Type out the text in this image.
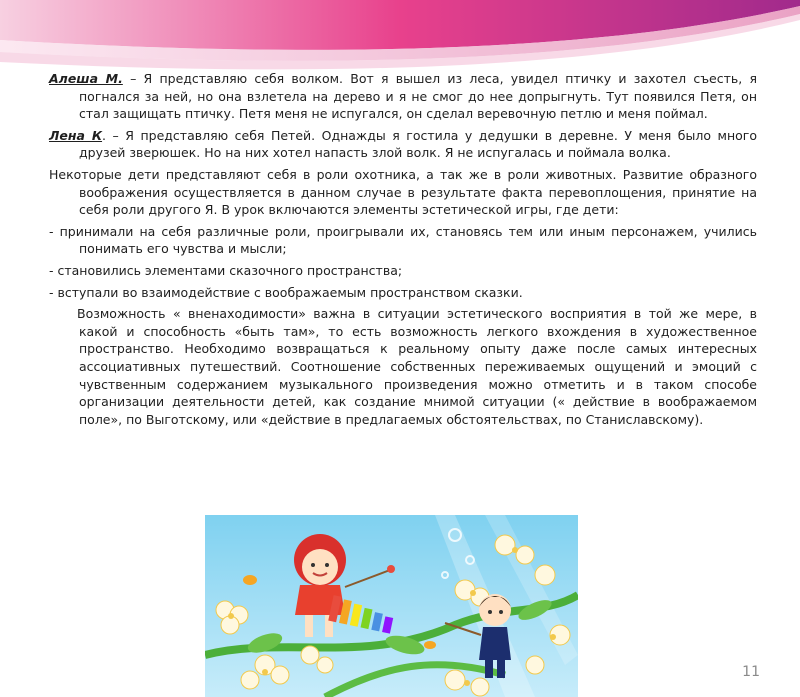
Алеша М. – Я представляю себя волком. Вот я вышел из леса, увидел птичку и захотел съесть, я погнался за ней, но она взлетела на дерево и я не смог до нее допрыгнуть. Тут появился Петя, он стал защищать птичку. Петя меня не испугался, он сделал веревочную петлю и меня поймал.

Лена К. – Я представляю себя Петей. Однажды я гостила у дедушки в деревне. У меня было много друзей зверюшек. Но на них хотел напасть злой волк. Я не испугалась и поймала волка.

Некоторые дети представляют себя в роли охотника, а так же в роли животных. Развитие образного воображения осуществляется в данном случае в результате факта перевоплощения, принятие на себя роли другого Я. В урок включаются элементы эстетической игры, где дети:

- принимали на себя различные роли, проигрывали их, становясь тем или иным персонажем, учились понимать его чувства и мысли;

- становились элементами сказочного пространства;

- вступали во взаимодействие с воображаемым пространством сказки.

Возможность « вненаходимости» важна в ситуации эстетического восприятия в той же мере, в какой и способность «быть там», то есть возможность легкого вхождения в художественное пространство. Необходимо возвращаться к реальному опыту даже после самых интересных ассоциативных путешествий. Соотношение собственных переживаемых ощущений и эмоций с чувственным содержанием музыкального произведения можно отметить и в таком способе организации деятельности детей, как создание мнимой ситуации (« действие в воображаемом поле», по Выготскому, или «действие в предлагаемых обстоятельствах, по Станиславскому).

11
